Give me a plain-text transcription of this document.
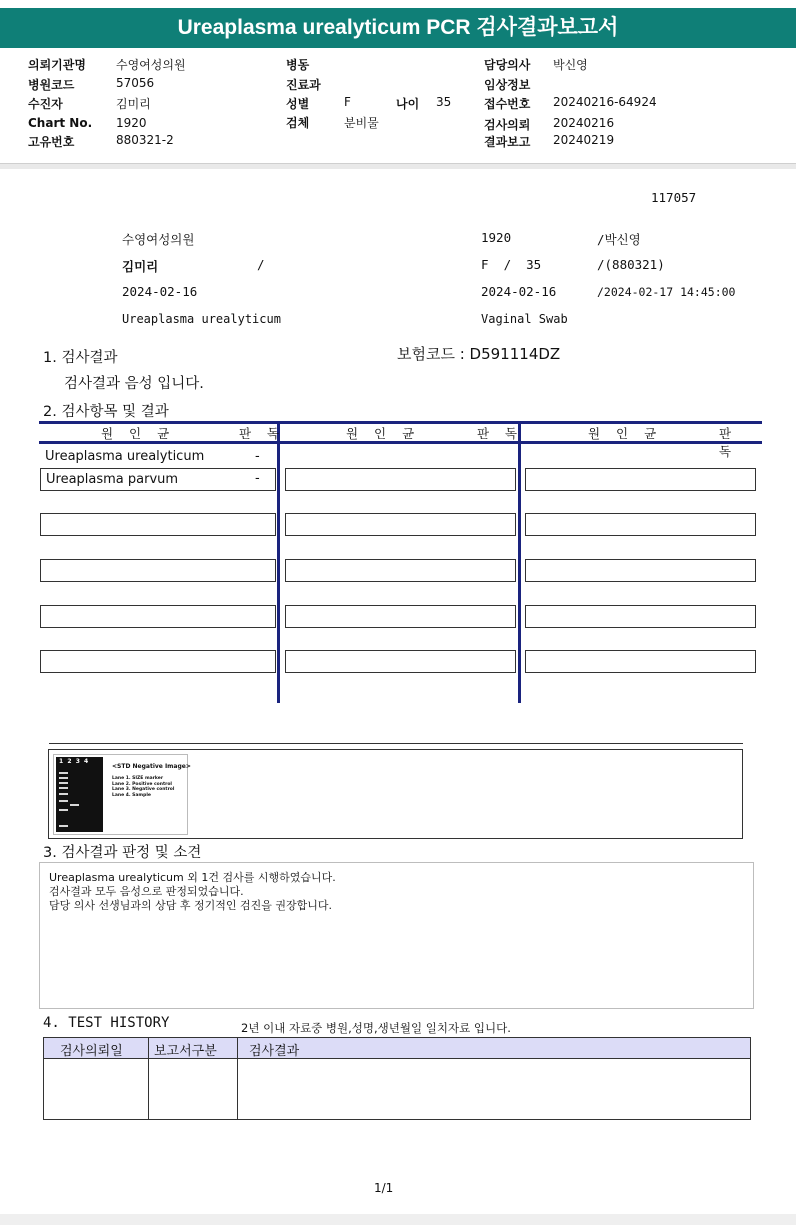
Ureaplasma urealyticum PCR 검사결과보고서
의뢰기관명	수영여성의원
병원코드	57056
수진자	김미리
Chart No. 1920
고유번호	880321-2
병동
진료과
성별	F	나이 35
검체	분비물
담당의사 박신영
임상정보
접수번호 20240216-64924
검사의뢰 20240216
결과보고 20240219
117057
수영여성의원	1920	/박신영
김미리	/	F  /  35	/(880321)
2024-02-16	2024-02-16	/2024-02-17 14:45:00
Ureaplasma urealyticum	Vaginal Swab
1. 검사결과	보험코드 : D591114DZ
검사결과 음성 입니다.
2. 검사항목 및 결과
원 인 균	판 독	원 인 균	판 독	원 인 균	판 독
Ureaplasma urealyticum	-
Ureaplasma parvum	-
1  2  3  4
<STD Negative Image>
Lane 1. SIZE marker
Lane 2. Positive control
Lane 3. Negative control
Lane 4. Sample
3. 검사결과 판정 및 소견
Ureaplasma urealyticum 외 1건 검사를 시행하였습니다.
검사결과 모두 음성으로 판정되었습니다.
담당 의사 선생님과의 상담 후 정기적인 검진을 권장합니다.
4. TEST HISTORY	2년 이내 자료중 병원,성명,생년월일 일치자료 입니다.
검사의뢰일 보고서구분 검사결과
1/1
